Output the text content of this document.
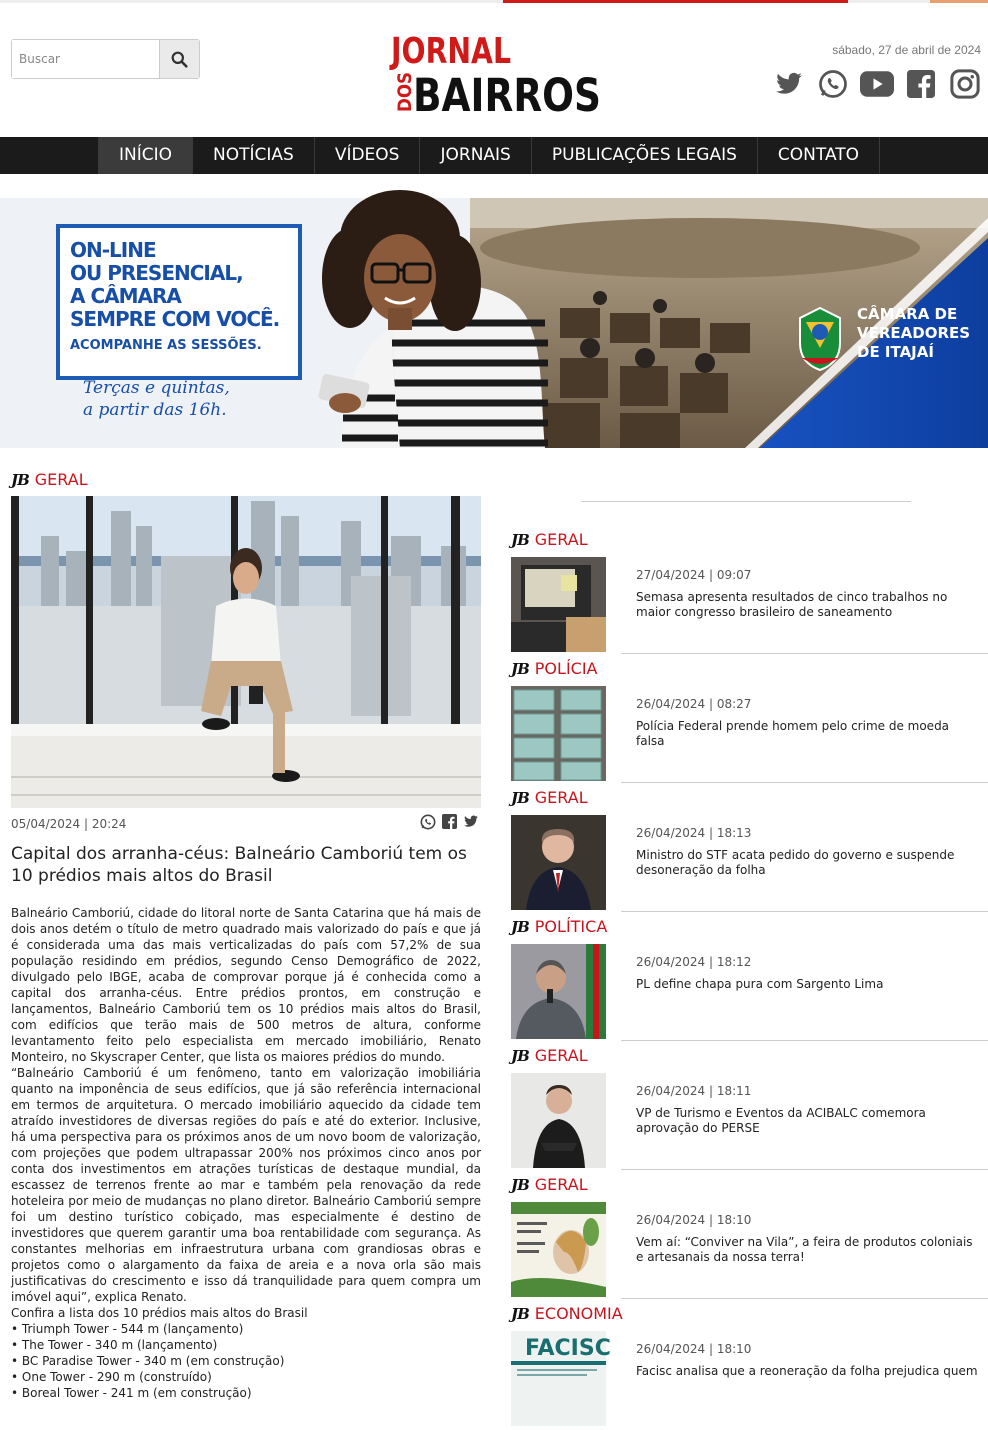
Buscar
JORNAL
DOS
BAIRROS
sábado, 27 de abril de 2024
INÍCIO	NOTÍCIAS	VÍDEOS	JORNAIS	PUBLICAÇÕES LEGAIS	CONTATO
ON-LINE
OU PRESENCIAL,
A CÂMARA
SEMPRE COM VOCÊ.
ACOMPANHE AS SESSÕES.
Terças e quintas,
a partir das 16h.
CÂMARA DE
VEREADORES
DE ITAJAÍ
JB GERAL
05/04/2024 | 20:24
Capital dos arranha-céus: Balneário Camboriú tem os 10 prédios mais altos do Brasil

Balneário Camboriú, cidade do litoral norte de Santa Catarina que há mais de dois anos detém o título de metro quadrado mais valorizado do país e que já é considerada uma das mais verticalizadas do país com 57,2% de sua população residindo em prédios, segundo Censo Demográfico de 2022, divulgado pelo IBGE, acaba de comprovar porque já é conhecida como a capital dos arranha-céus. Entre prédios prontos, em construção e lançamentos, Balneário Camboriú tem os 10 prédios mais altos do Brasil, com edifícios que terão mais de 500 metros de altura, conforme levantamento feito pelo especialista em mercado imobiliário, Renato Monteiro, no Skyscraper Center, que lista os maiores prédios do mundo.

“Balneário Camboriú é um fenômeno, tanto em valorização imobiliária quanto na imponência de seus edifícios, que já são referência internacional em termos de arquitetura. O mercado imobiliário aquecido da cidade tem atraído investidores de diversas regiões do país e até do exterior. Inclusive, há uma perspectiva para os próximos anos de um novo boom de valorização, com projeções que podem ultrapassar 200% nos próximos cinco anos por conta dos investimentos em atrações turísticas de destaque mundial, da escassez de terrenos frente ao mar e também pela renovação da rede hoteleira por meio de mudanças no plano diretor. Balneário Camboriú sempre foi um destino turístico cobiçado, mas especialmente é destino de investidores que querem garantir uma boa rentabilidade com segurança. As constantes melhorias em infraestrutura urbana com grandiosas obras e projetos como o alargamento da faixa de areia e a nova orla são mais justificativas do crescimento e isso dá tranquilidade para quem compra um imóvel aqui”, explica Renato.

Confira a lista dos 10 prédios mais altos do Brasil

• Triumph Tower - 544 m (lançamento)

• The Tower - 340 m (lançamento)

• BC Paradise Tower - 340 m (em construção)

• One Tower - 290 m (construído)

• Boreal Tower - 241 m (em construção)

JB GERAL
27/04/2024 | 09:07
Semasa apresenta resultados de cinco trabalhos no maior congresso brasileiro de saneamento
JB POLÍCIA
26/04/2024 | 08:27
Polícia Federal prende homem pelo crime de moeda falsa
JB GERAL
26/04/2024 | 18:13
Ministro do STF acata pedido do governo e suspende desoneração da folha
JB POLÍTICA
26/04/2024 | 18:12
PL define chapa pura com Sargento Lima
JB GERAL
26/04/2024 | 18:11
VP de Turismo e Eventos da ACIBALC comemora aprovação do PERSE
JB GERAL
26/04/2024 | 18:10
Vem aí: “Conviver na Vila”, a feira de produtos coloniais e artesanais da nossa terra!
JB ECONOMIA
FACISC 26/04/2024 | 18:10
Facisc analisa que a reoneração da folha prejudica quem
